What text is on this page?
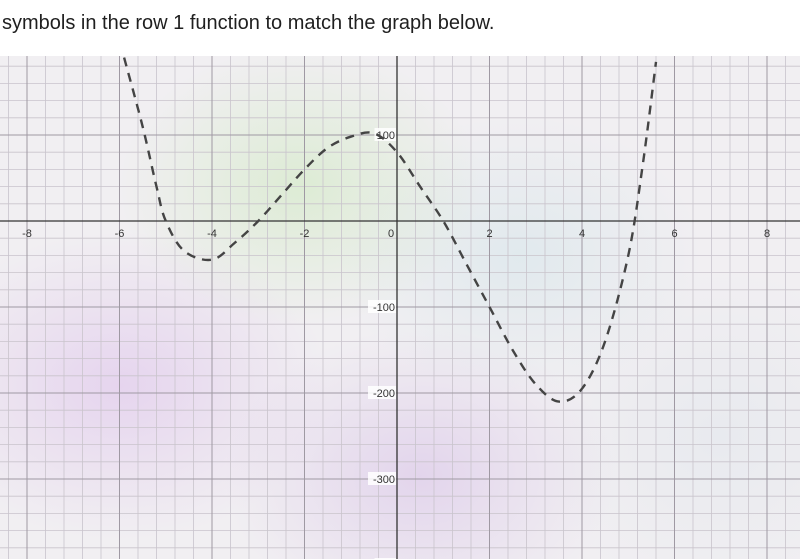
symbols in the row 1 function to match the graph below.
-8	-6	-4	-2	0	2	4	6	8
100
-100
-200
-300
